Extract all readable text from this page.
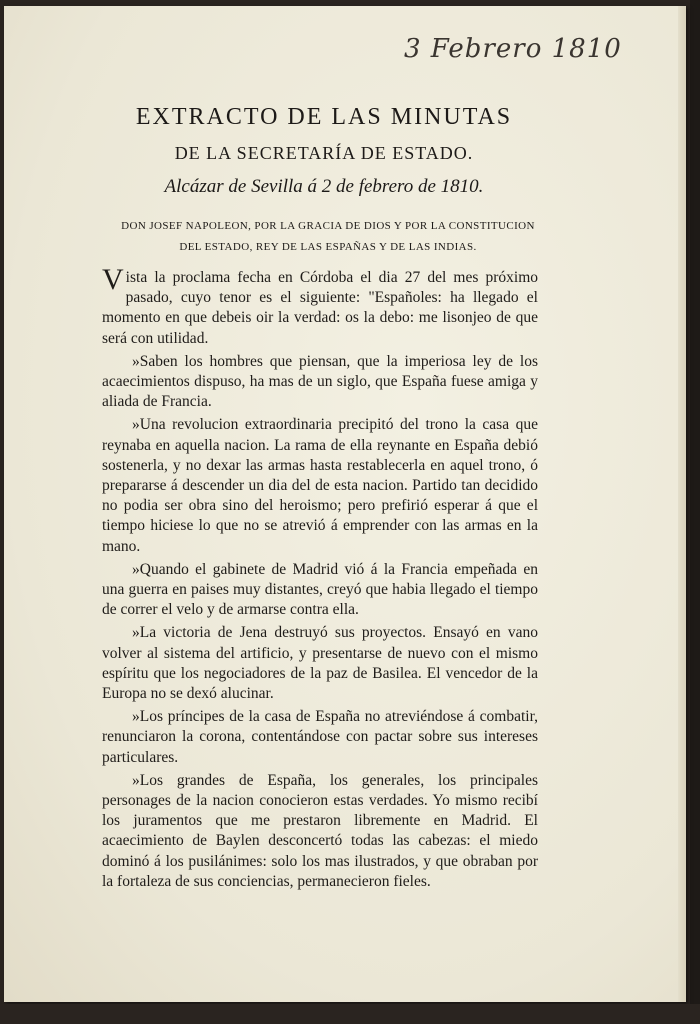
3 Febrero 1810
EXTRACTO DE LAS MINUTAS
DE LA SECRETARÍA DE ESTADO.
Alcázar de Sevilla á 2 de febrero de 1810.
DON JOSEF NAPOLEON, POR LA GRACIA DE DIOS Y POR LA CONSTITUCION DEL ESTADO, REY DE LAS ESPAÑAS Y DE LAS INDIAS.

Vista la proclama fecha en Córdoba el dia 27 del mes próximo pasado, cuyo tenor es el siguiente: "Españoles: ha llegado el momento en que debeis oir la verdad: os la debo: me lisonjeo de que será con utilidad.

»Saben los hombres que piensan, que la imperiosa ley de los acaecimientos dispuso, ha mas de un siglo, que España fuese amiga y aliada de Francia.

»Una revolucion extraordinaria precipitó del trono la casa que reynaba en aquella nacion. La rama de ella reynante en España debió sostenerla, y no dexar las armas hasta restablecerla en aquel trono, ó prepararse á descender un dia del de esta nacion. Partido tan decidido no podia ser obra sino del heroismo; pero prefirió esperar á que el tiempo hiciese lo que no se atrevió á emprender con las armas en la mano.

»Quando el gabinete de Madrid vió á la Francia empeñada en una guerra en paises muy distantes, creyó que habia llegado el tiempo de correr el velo y de armarse contra ella.

»La victoria de Jena destruyó sus proyectos. Ensayó en vano volver al sistema del artificio, y presentarse de nuevo con el mismo espíritu que los negociadores de la paz de Basilea. El vencedor de la Europa no se dexó alucinar.

»Los príncipes de la casa de España no atreviéndose á combatir, renunciaron la corona, contentándose con pactar sobre sus intereses particulares.

»Los grandes de España, los generales, los principales personages de la nacion conocieron estas verdades. Yo mismo recibí los juramentos que me prestaron libremente en Madrid. El acaecimiento de Baylen desconcertó todas las cabezas: el miedo dominó á los pusilánimes: solo los mas ilustrados, y que obraban por la fortaleza de sus conciencias, permanecieron fieles.
